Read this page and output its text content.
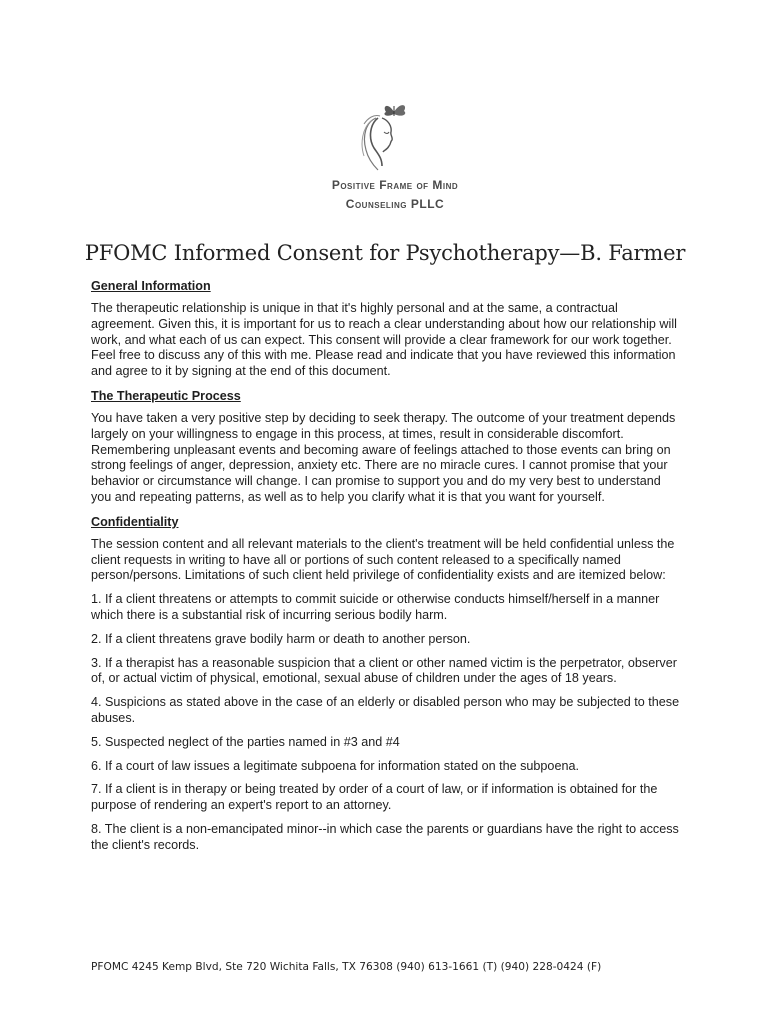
Positive Frame of Mind
Counseling PLLC
PFOMC Informed Consent for Psychotherapy—B. Farmer
General Information

The therapeutic relationship is unique in that it's highly personal and at the same, a contractual agreement. Given this, it is important for us to reach a clear understanding about how our relationship will work, and what each of us can expect. This consent will provide a clear framework for our work together. Feel free to discuss any of this with me. Please read and indicate that you have reviewed this information and agree to it by signing at the end of this document.

The Therapeutic Process

You have taken a very positive step by deciding to seek therapy. The outcome of your treatment depends largely on your willingness to engage in this process, at times, result in considerable discomfort. Remembering unpleasant events and becoming aware of feelings attached to those events can bring on strong feelings of anger, depression, anxiety etc. There are no miracle cures. I cannot promise that your behavior or circumstance will change. I can promise to support you and do my very best to understand you and repeating patterns, as well as to help you clarify what it is that you want for yourself.

Confidentiality

The session content and all relevant materials to the client's treatment will be held confidential unless the client requests in writing to have all or portions of such content released to a specifically named person/persons. Limitations of such client held privilege of confidentiality exists and are itemized below:

1. If a client threatens or attempts to commit suicide or otherwise conducts himself/herself in a manner which there is a substantial risk of incurring serious bodily harm.

2. If a client threatens grave bodily harm or death to another person.

3. If a therapist has a reasonable suspicion that a client or other named victim is the perpetrator, observer of, or actual victim of physical, emotional, sexual abuse of children under the ages of 18 years.

4. Suspicions as stated above in the case of an elderly or disabled person who may be subjected to these abuses.

5. Suspected neglect of the parties named in #3 and #4

6. If a court of law issues a legitimate subpoena for information stated on the subpoena.

7. If a client is in therapy or being treated by order of a court of law, or if information is obtained for the purpose of rendering an expert's report to an attorney.

8. The client is a non-emancipated minor--in which case the parents or guardians have the right to access the client's records.

PFOMC 4245 Kemp Blvd, Ste 720 Wichita Falls, TX 76308 (940) 613-1661 (T) (940) 228-0424 (F)
